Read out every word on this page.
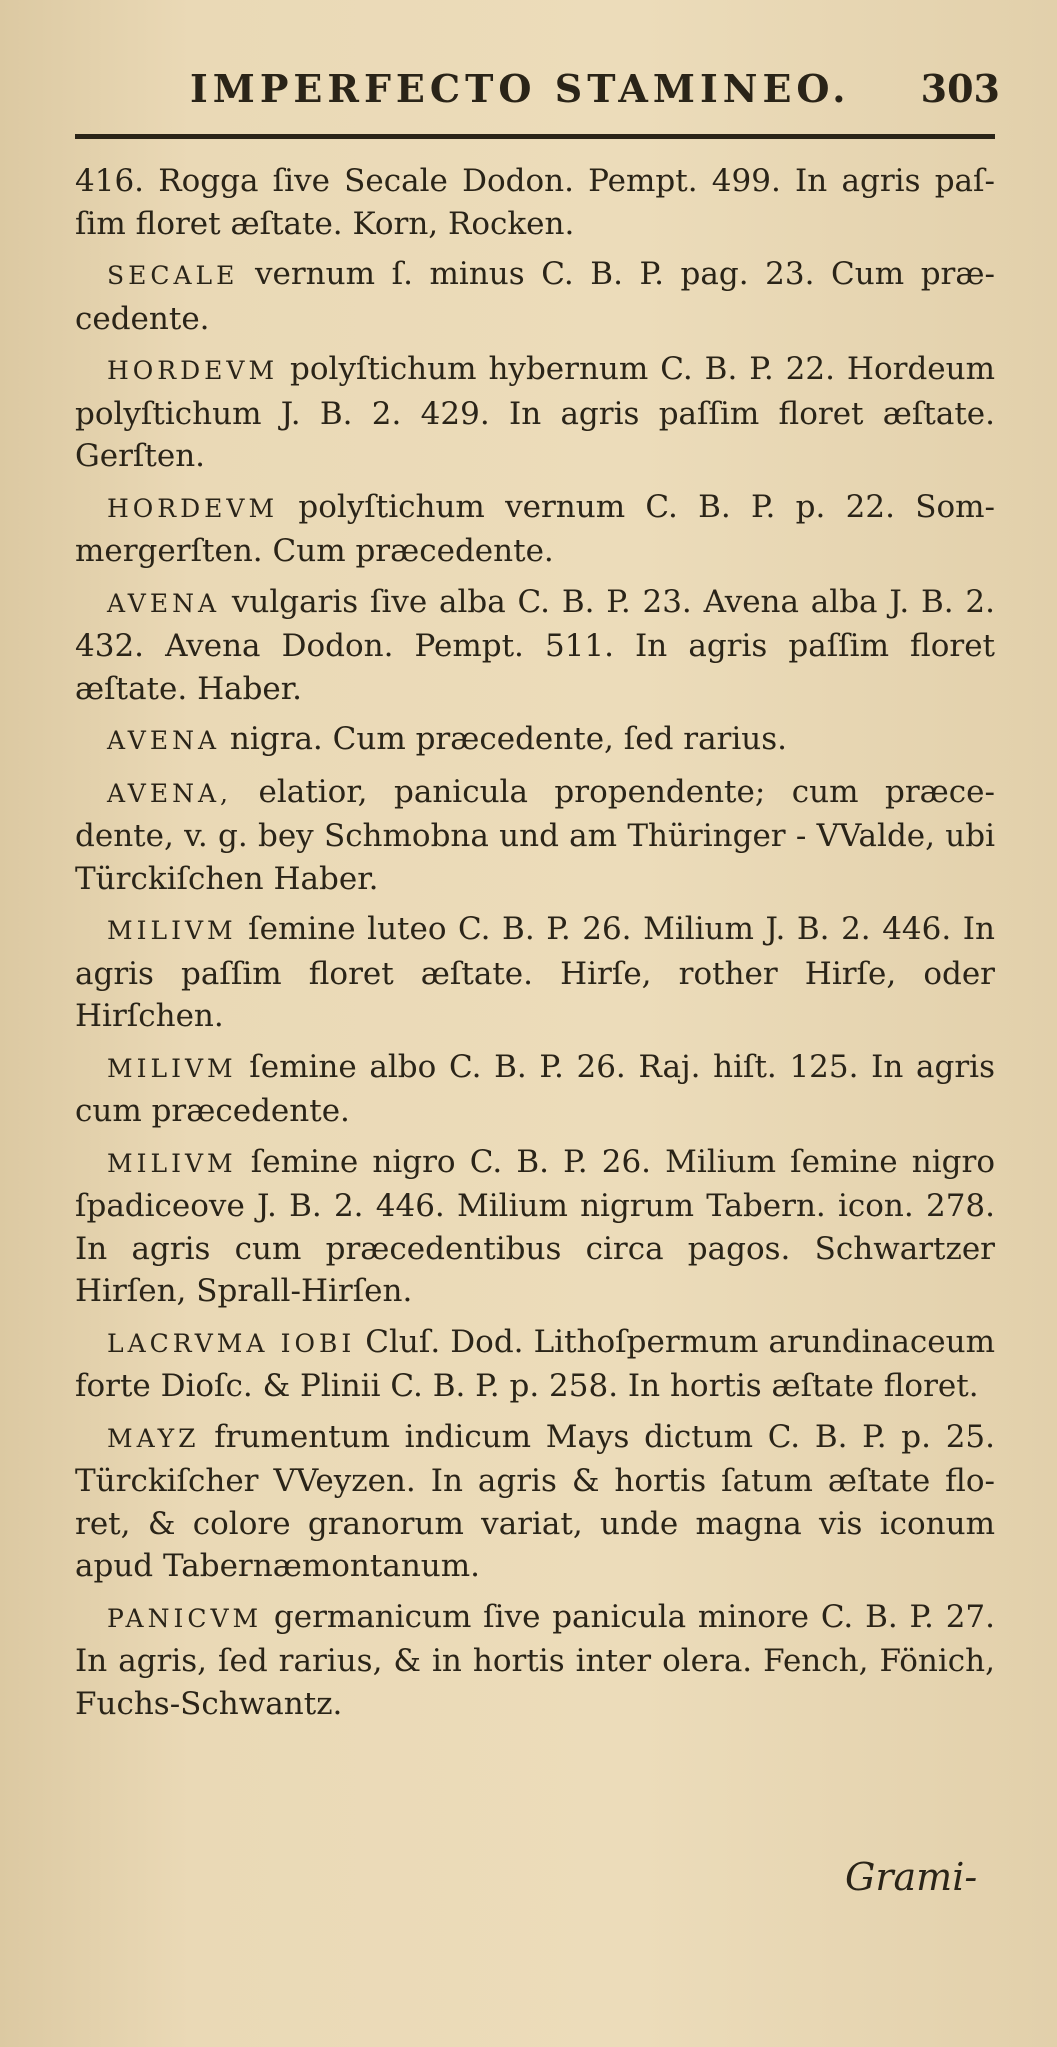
IMPERFECTO STAMINEO. 303

416. Rogga ſive Secale Dodon. Pempt. 499. In agris paſſim floret æſtate. Korn, Rocken.

SECALE vernum ſ. minus C. B. P. pag. 23. Cum præcedente.

HORDEVM polyſtichum hybernum C. B. P. 22. Hordeum polyſtichum J. B. 2. 429. In agris paſſim floret æſtate. Gerſten.

HORDEVM polyſtichum vernum C. B. P. p. 22. Sommergerſten. Cum præcedente.

AVENA vulgaris ſive alba C. B. P. 23. Avena alba J. B. 2. 432. Avena Dodon. Pempt. 511. In agris paſſim floret æſtate. Haber.

AVENA nigra. Cum præcedente, ſed rarius.

AVENA, elatior, panicula propendente; cum præcedente, v. g. bey Schmobna und am Thüringer - VValde, ubi Türckiſchen Haber.

MILIVM ſemine luteo C. B. P. 26. Milium J. B. 2. 446. In agris paſſim floret æſtate. Hirſe, rother Hirſe, oder Hirſchen.

MILIVM ſemine albo C. B. P. 26. Raj. hiſt. 125. In agris cum præcedente.

MILIVM ſemine nigro C. B. P. 26. Milium ſemine nigro ſpadiceove J. B. 2. 446. Milium nigrum Tabern. icon. 278. In agris cum præcedentibus circa pagos. Schwartzer Hirſen, Sprall-Hirſen.

LACRVMA IOBI Cluſ. Dod. Lithoſpermum arundinaceum forte Dioſc. & Plinii C. B. P. p. 258. In hortis æſtate floret.

MAYZ frumentum indicum Mays dictum C. B. P. p. 25. Türckiſcher VVeyzen. In agris & hortis ſatum æſtate floret, & colore granorum variat, unde magna vis iconum apud Tabernæmontanum.

PANICVM germanicum ſive panicula minore C. B. P. 27. In agris, ſed rarius, & in hortis inter olera. Fench, Fönich, Fuchs-Schwantz.

Grami-
